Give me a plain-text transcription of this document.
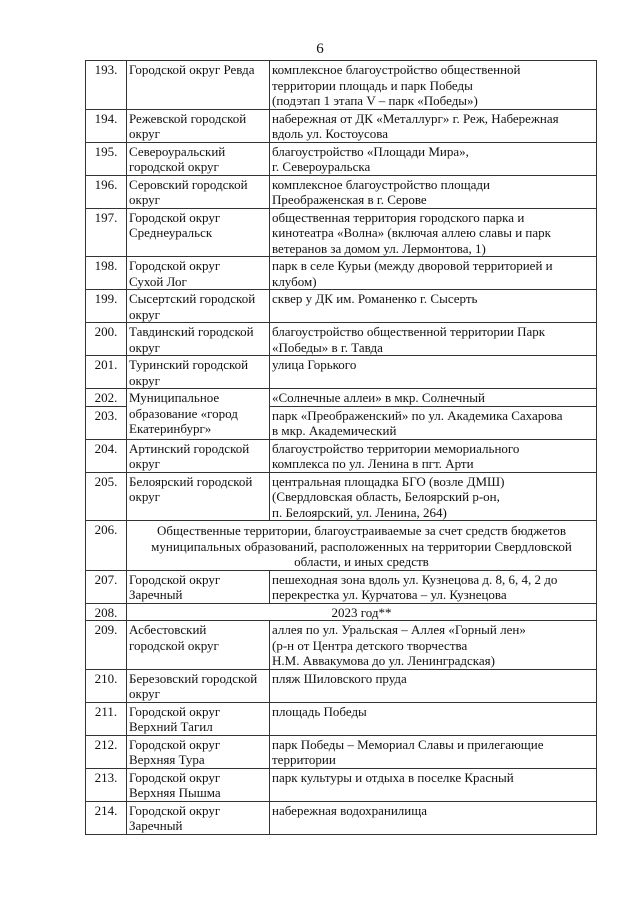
6
193.	Городской округ Ревда	комплексное благоустройство общественной
территории площадь и парк Победы
(подэтап 1 этапа V – парк «Победы»)

194.	Режевской городской
округ	набережная от ДК «Металлург» г. Реж, Набережная
вдоль ул. Костоусова

195.	Североуральский
городской округ	благоустройство «Площади Мира»,
г. Североуральска

196.	Серовский городской
округ	комплексное благоустройство площади
Преображенская в г. Серове

197.	Городской округ
Среднеуральск	общественная территория городского парка и
кинотеатра «Волна» (включая аллею славы и парк
ветеранов за домом ул. Лермонтова, 1)

198.	Городской округ
Сухой Лог	парк в селе Курьи (между дворовой территорией и
клубом)

199.	Сысертский городской
округ	сквер у ДК им. Романенко г. Сысерть

200.	Тавдинский городской
округ	благоустройство общественной территории Парк
«Победы» в г. Тавда

201.	Туринский городской
округ	улица Горького

202.	Муниципальное
образование «город
Екатеринбург»	«Солнечные аллеи» в мкр. Солнечный

203.		парк «Преображенский» по ул. Академика Сахарова
в мкр. Академический

204.	Артинский городской
округ	благоустройство территории мемориального
комплекса по ул. Ленина в пгт. Арти

205.	Белоярский городской
округ	центральная площадка БГО (возле ДМШ)
(Свердловская область, Белоярский р-он,
п. Белоярский, ул. Ленина, 264)

206.	Общественные территории, благоустраиваемые за счет средств бюджетов
муниципальных образований, расположенных на территории Свердловской
области, и иных средств	

207.	Городской округ
Заречный	пешеходная зона вдоль ул. Кузнецова д. 8, 6, 4, 2 до
перекрестка ул. Курчатова – ул. Кузнецова

208.	2023 год**	
209.	Асбестовский
городской округ	аллея по ул. Уральская – Аллея «Горный лен»
(р-н от Центра детского творчества
Н.М. Аввакумова до ул. Ленинградская)

210.	Березовский городской
округ	пляж Шиловского пруда

211.	Городской округ
Верхний Тагил	площадь Победы

212.	Городской округ
Верхняя Тура	парк Победы – Мемориал Славы и прилегающие
территории

213.	Городской округ
Верхняя Пышма	парк культуры и отдыха в поселке Красный

214.	Городской округ
Заречный	набережная водохранилища
